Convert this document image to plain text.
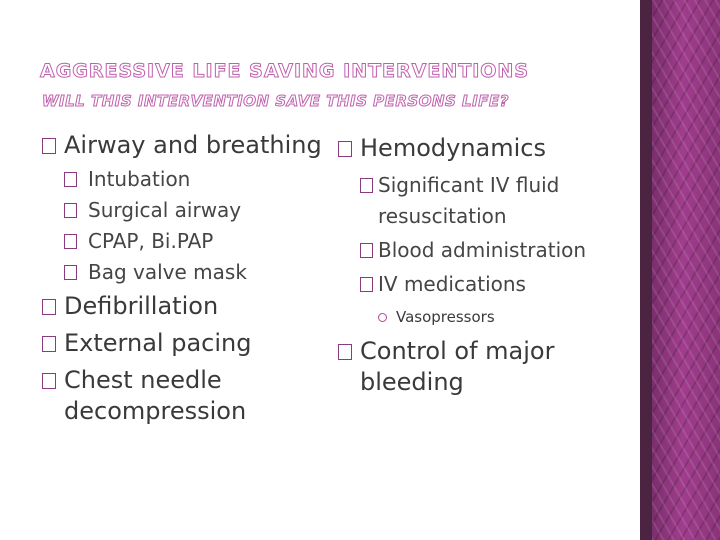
AGGRESSIVE LIFE SAVING INTERVENTIONS
WILL THIS INTERVENTION SAVE THIS PERSONS LIFE?
Airway and breathing
Intubation
Surgical airway
CPAP, Bi.PAP
Bag valve mask
Defibrillation
External pacing
Chest needle decompression
Hemodynamics
Significant IV fluid resuscitation
Blood administration
IV medications
Vasopressors
Control of major bleeding
